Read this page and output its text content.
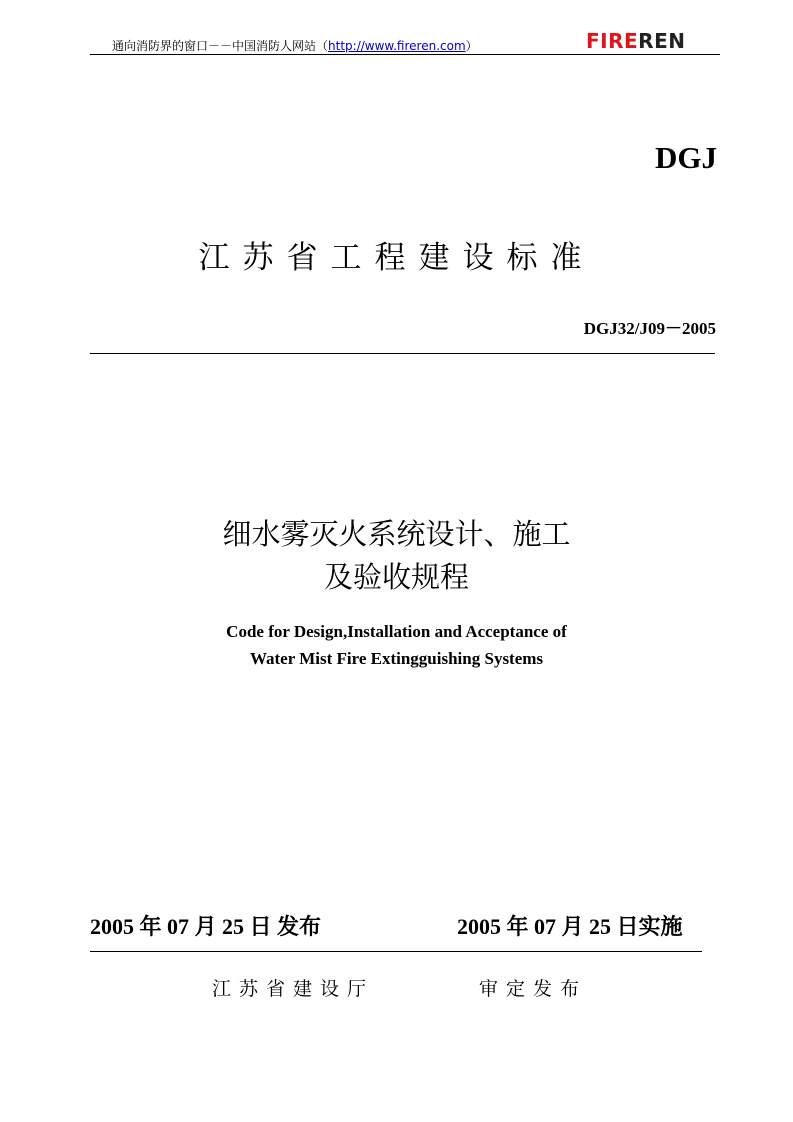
通向消防界的窗口－－中国消防人网站（http://www.fireren.com）	FIREREN
DGJ
江苏省工程建设标准
DGJ32/J09－2005
细水雾灭火系统设计、施工
及验收规程
Code for Design,Installation and Acceptance of
Water Mist Fire Extingguishing Systems
2005 年 07 月 25 日 发布	2005 年 07 月 25 日实施
江苏省建设厅	审定发布
